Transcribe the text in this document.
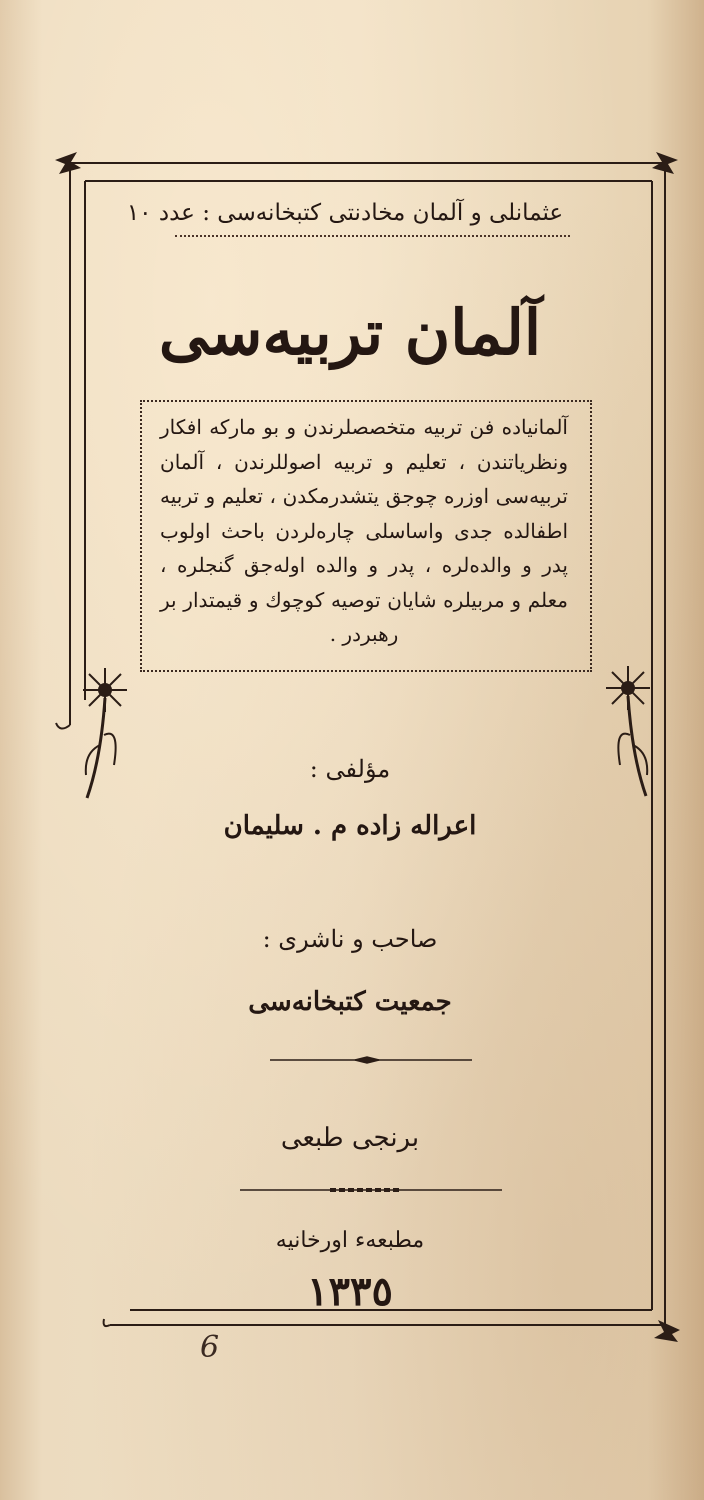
عثمانلى و آلمان مخادنتى كتبخانه‌سى : عدد ١٠
آلمان تربيه‌سى
آلمانياده فن تربيه متخصصلرندن و بو ماركه افكار ونظرياتندن ، تعليم و تربيه اصوللرندن ، آلمان تربيه‌سى اوزره چوجق يتشدرمكدن ، تعليم و تربيه اطفالده جدى واساسلى چاره‌لردن باحث اولوب پدر و والده‌لره ، پدر و والده اوله‌جق گنجلره ، معلم و مربيلره شايان توصيه كوچوك و قيمتدار بر رهبردر .
مؤلفى :
اعراله زاده م . سليمان
صاحب و ناشرى :
جمعيت كتبخانه‌سى
برنجى طبعى
مطبعه‌ء اورخانيه
١٣٣٥
6
